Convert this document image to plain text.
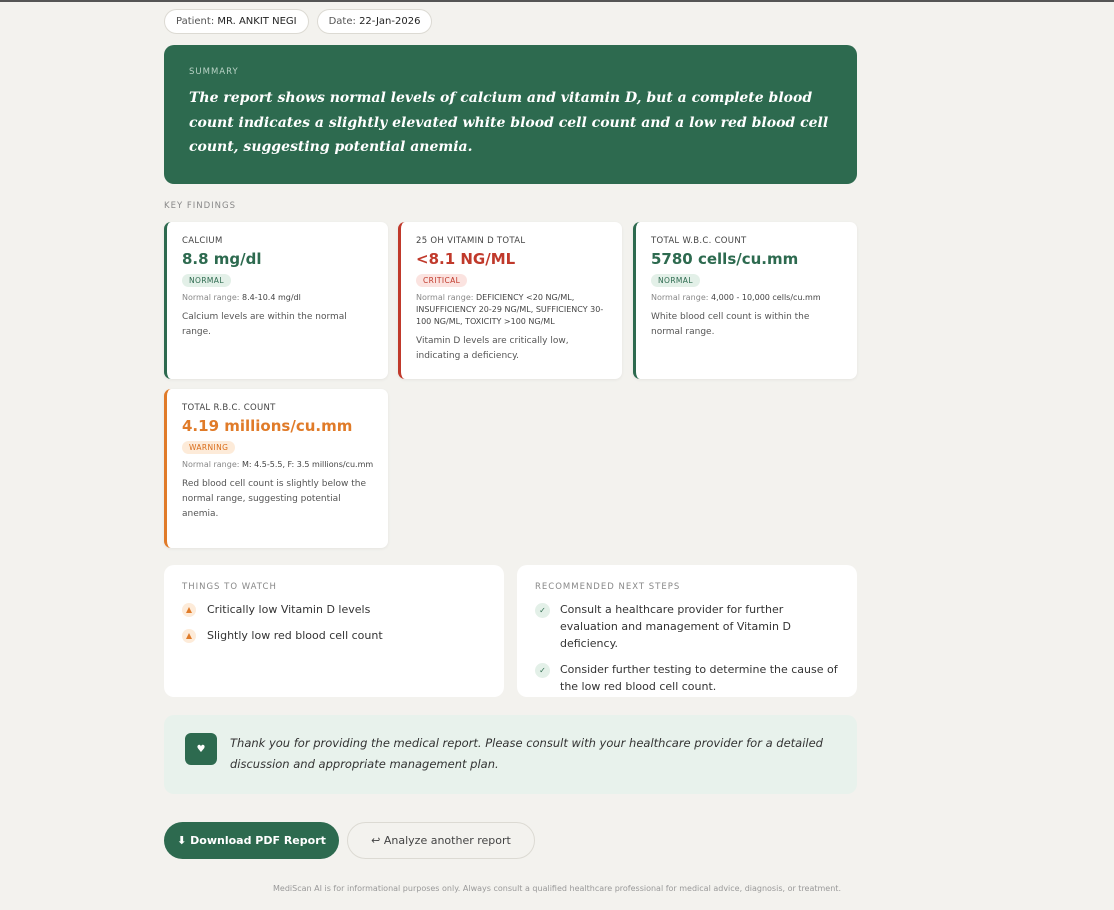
Patient: MR. ANKIT NEGI	Date: 22-Jan-2026
SUMMARY
The report shows normal levels of calcium and vitamin D, but a complete blood count indicates a slightly elevated white blood cell count and a low red blood cell count, suggesting potential anemia.
KEY FINDINGS
CALCIUM
8.8 mg/dl
NORMAL
Normal range: 8.4-10.4 mg/dl
Calcium levels are within the normal range.
25 OH VITAMIN D TOTAL
<8.1 NG/ML
CRITICAL
Normal range: DEFICIENCY <20 NG/ML, INSUFFICIENCY 20-29 NG/ML, SUFFICIENCY 30-100 NG/ML, TOXICITY >100 NG/ML
Vitamin D levels are critically low, indicating a deficiency.
TOTAL W.B.C. COUNT
5780 cells/cu.mm
NORMAL
Normal range: 4,000 - 10,000 cells/cu.mm
White blood cell count is within the normal range.
TOTAL R.B.C. COUNT
4.19 millions/cu.mm
WARNING
Normal range: M: 4.5-5.5, F: 3.5 millions/cu.mm
Red blood cell count is slightly below the normal range, suggesting potential anemia.
THINGS TO WATCH
Critically low Vitamin D levels
Slightly low red blood cell count
RECOMMENDED NEXT STEPS
✓	Consult a healthcare provider for further evaluation and management of Vitamin D deficiency.
✓	Consider further testing to determine the cause of the low red blood cell count.
♥	Thank you for providing the medical report. Please consult with your healthcare provider for a detailed discussion and appropriate management plan.
⬇ Download PDF Report	↩ Analyze another report
MediScan AI is for informational purposes only. Always consult a qualified healthcare professional for medical advice, diagnosis, or treatment.
